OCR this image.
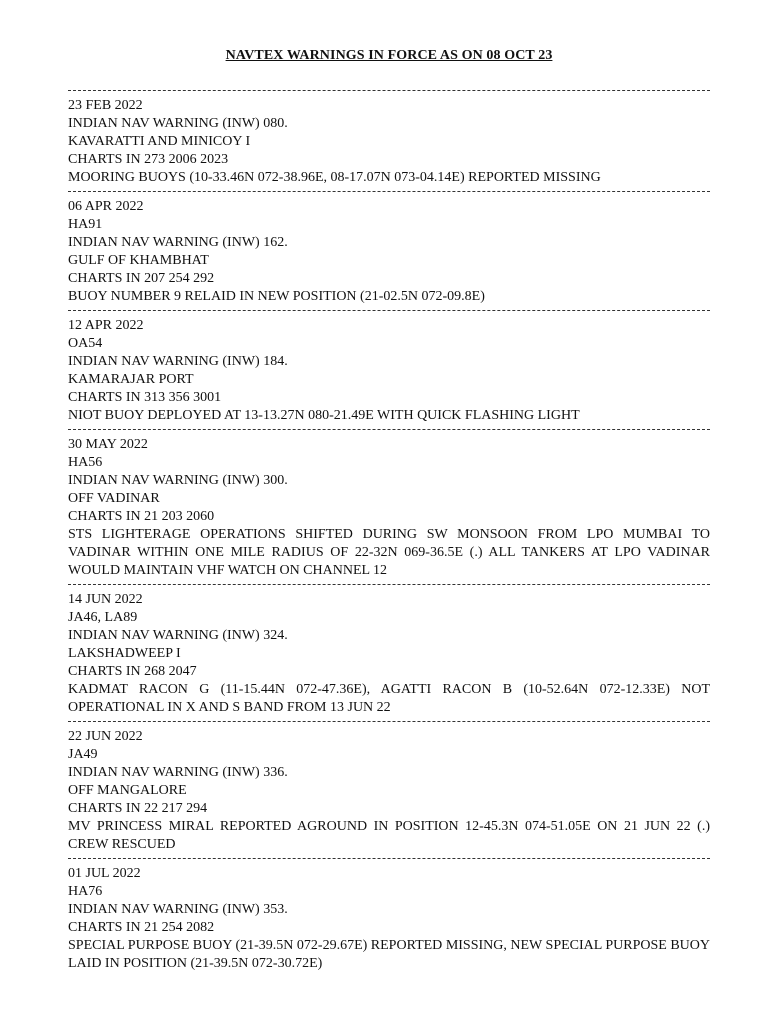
NAVTEX WARNINGS IN FORCE AS ON 08 OCT 23
23 FEB 2022
INDIAN NAV WARNING (INW) 080.
KAVARATTI AND MINICOY I
CHARTS IN 273 2006 2023
MOORING BUOYS (10-33.46N 072-38.96E, 08-17.07N 073-04.14E) REPORTED MISSING
06 APR 2022
HA91
INDIAN NAV WARNING (INW) 162.
GULF OF KHAMBHAT
CHARTS IN 207 254 292
BUOY NUMBER 9 RELAID IN NEW POSITION (21-02.5N 072-09.8E)
12 APR 2022
OA54
INDIAN NAV WARNING (INW) 184.
KAMARAJAR PORT
CHARTS IN 313 356 3001
NIOT BUOY DEPLOYED AT 13-13.27N 080-21.49E WITH QUICK FLASHING LIGHT
30 MAY 2022
HA56
INDIAN NAV WARNING (INW) 300.
OFF VADINAR
CHARTS IN 21 203 2060
STS LIGHTERAGE OPERATIONS SHIFTED DURING SW MONSOON FROM LPO MUMBAI TO VADINAR WITHIN ONE MILE RADIUS OF 22-32N 069-36.5E (.) ALL TANKERS AT LPO VADINAR WOULD MAINTAIN VHF WATCH ON CHANNEL 12
14 JUN 2022
JA46, LA89
INDIAN NAV WARNING (INW) 324.
LAKSHADWEEP I
CHARTS IN 268 2047
KADMAT RACON G (11-15.44N 072-47.36E), AGATTI RACON B (10-52.64N 072-12.33E) NOT OPERATIONAL IN X AND S BAND FROM 13 JUN 22
22 JUN 2022
JA49
INDIAN NAV WARNING (INW) 336.
OFF MANGALORE
CHARTS IN 22 217 294
MV PRINCESS MIRAL REPORTED AGROUND IN POSITION 12-45.3N 074-51.05E ON 21 JUN 22 (.) CREW RESCUED
01 JUL 2022
HA76
INDIAN NAV WARNING (INW) 353.
CHARTS IN 21 254 2082
SPECIAL PURPOSE BUOY (21-39.5N 072-29.67E) REPORTED MISSING, NEW SPECIAL PURPOSE BUOY LAID IN POSITION (21-39.5N 072-30.72E)
